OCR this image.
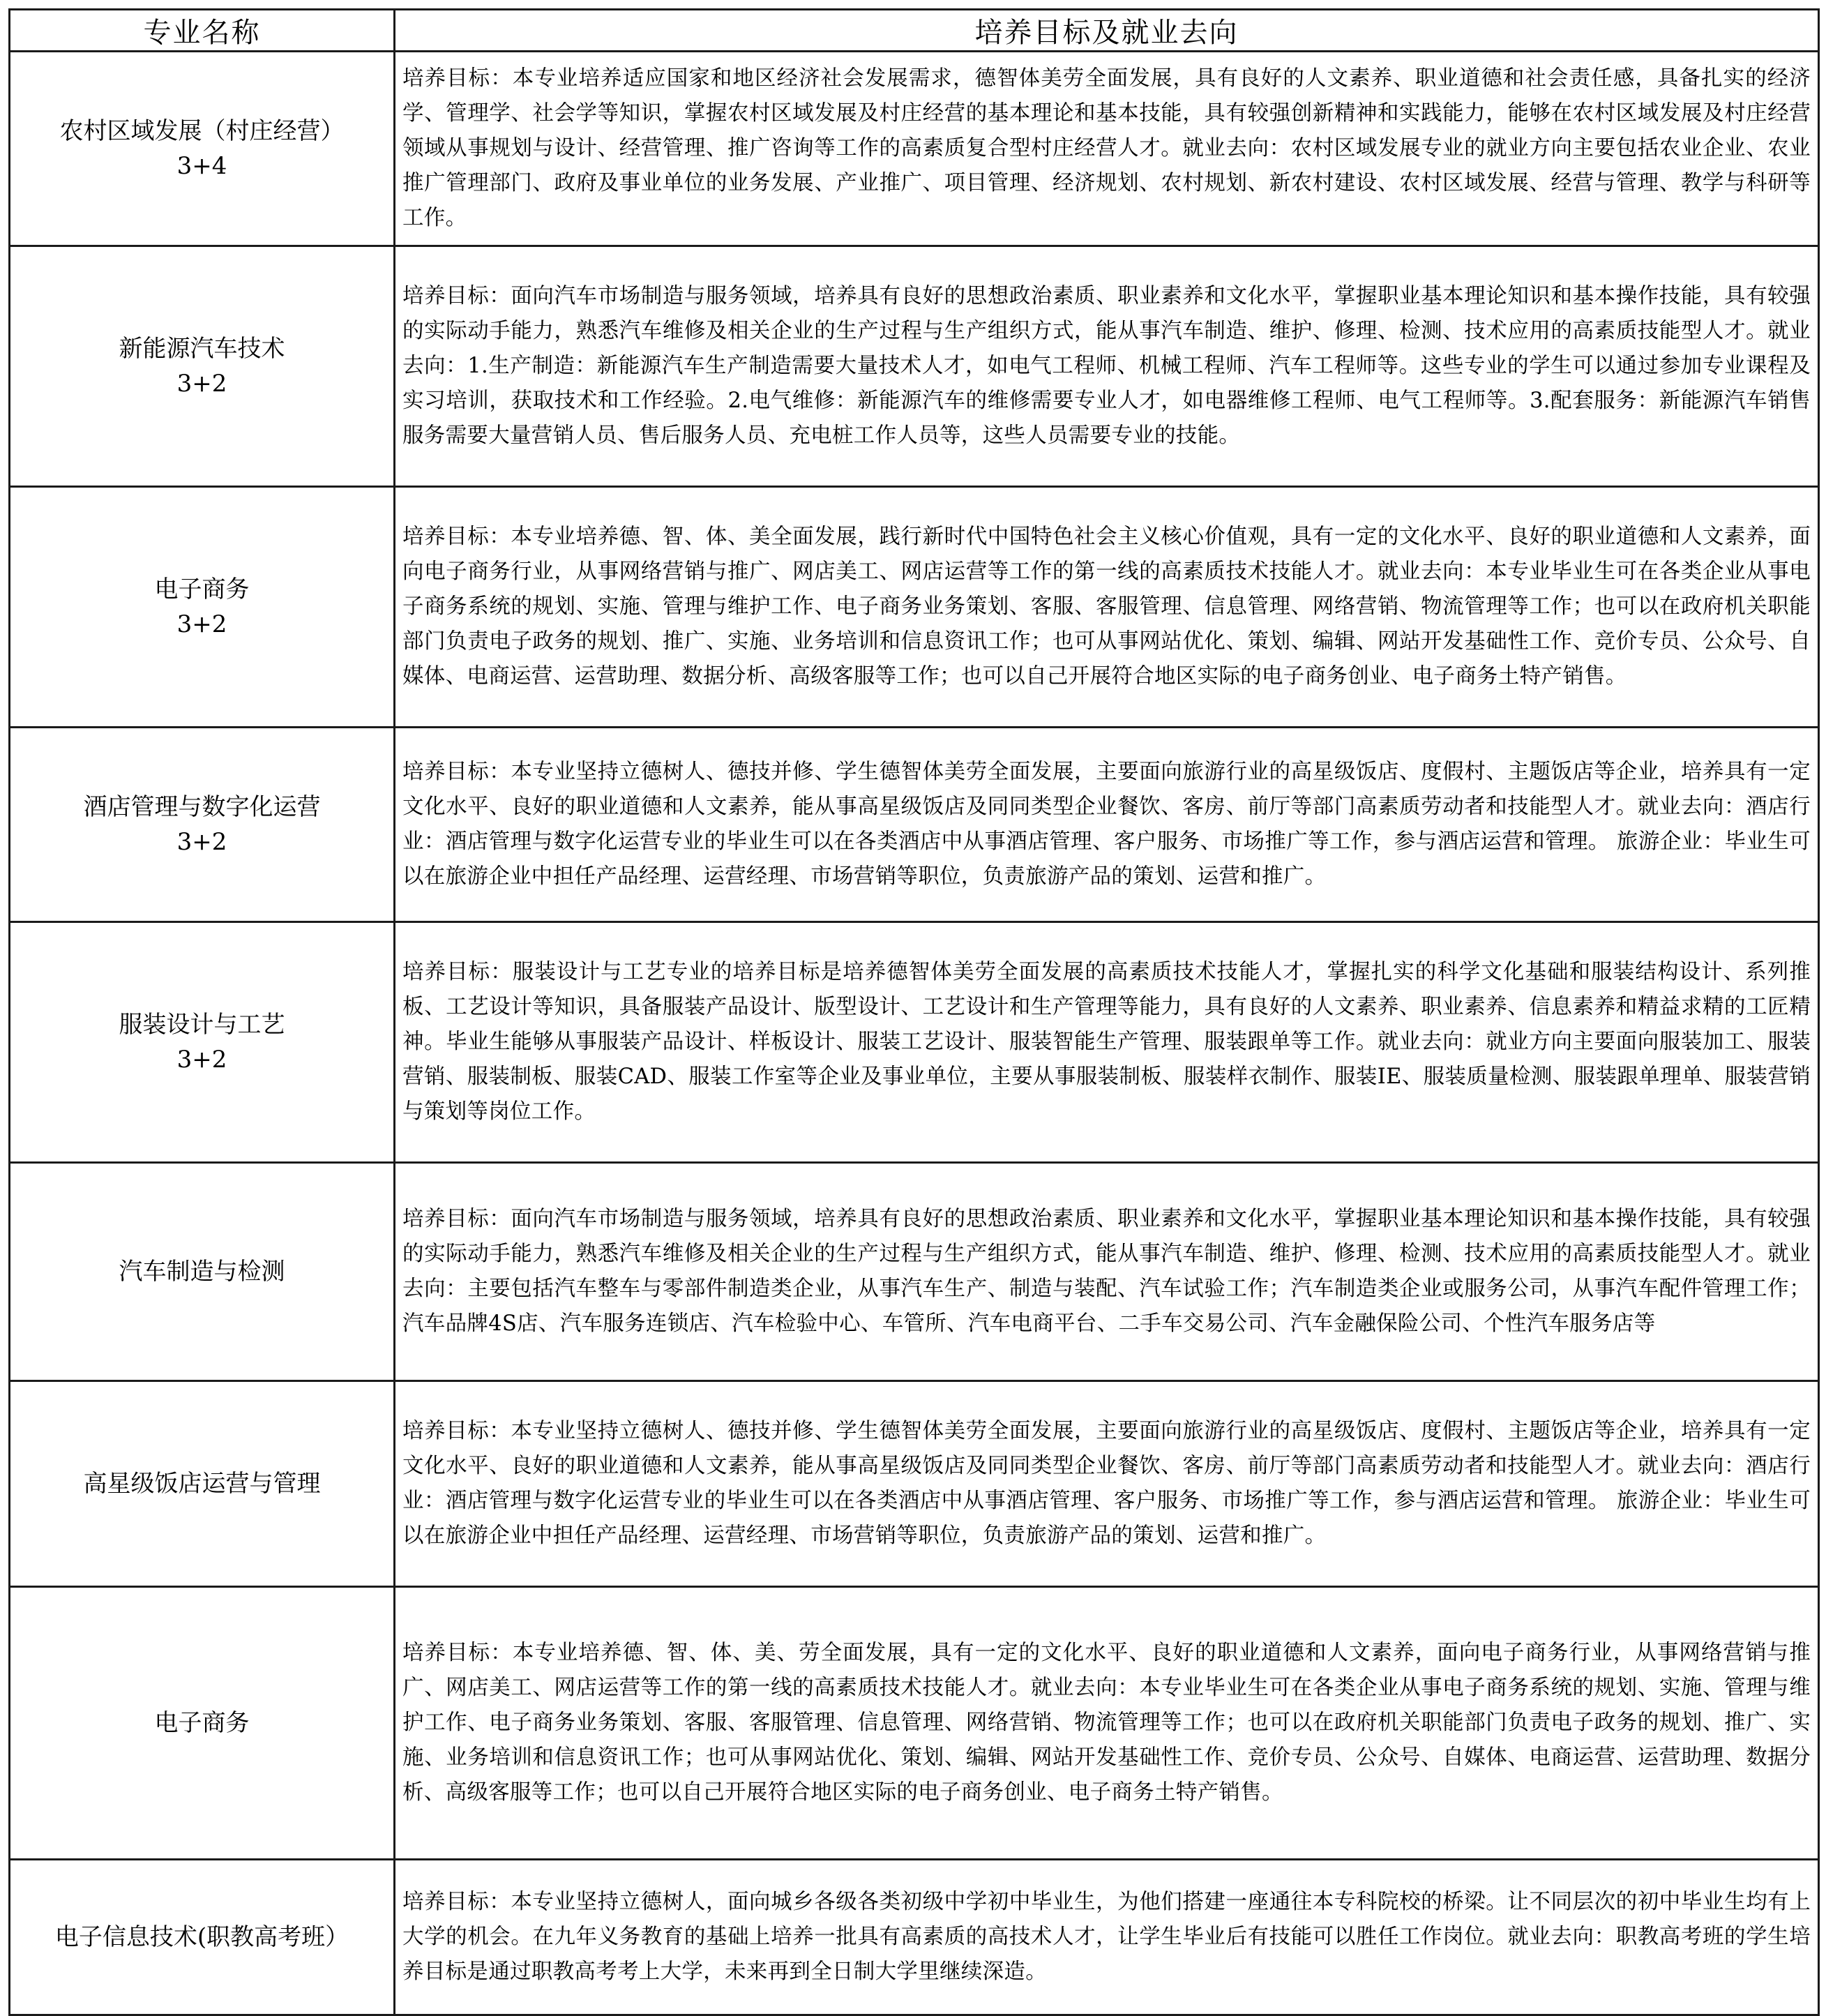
专业名称	培养目标及就业去向

农村区域发展（村庄经营）
3+4	培养目标：本专业培养适应国家和地区经济社会发展需求，德智体美劳全面发展，具有良好的人文素养、职业道德和社会责任感，具备扎实的经济学、管理学、社会学等知识，掌握农村区域发展及村庄经营的基本理论和基本技能，具有较强创新精神和实践能力，能够在农村区域发展及村庄经营领域从事规划与设计、经营管理、推广咨询等工作的高素质复合型村庄经营人才。就业去向：农村区域发展专业的就业方向主要包括农业企业、农业推广管理部门、政府及事业单位的业务发展、产业推广、项目管理、经济规划、农村规划、新农村建设、农村区域发展、经营与管理、教学与科研等工作。

新能源汽车技术
3+2	培养目标：面向汽车市场制造与服务领域，培养具有良好的思想政治素质、职业素养和文化水平，掌握职业基本理论知识和基本操作技能，具有较强的实际动手能力，熟悉汽车维修及相关企业的生产过程与生产组织方式，能从事汽车制造、维护、修理、检测、技术应用的高素质技能型人才。就业去向：1.生产制造：新能源汽车生产制造需要大量技术人才，如电气工程师、机械工程师、汽车工程师等。这些专业的学生可以通过参加专业课程及实习培训，获取技术和工作经验。2.电气维修：新能源汽车的维修需要专业人才，如电器维修工程师、电气工程师等。3.配套服务：新能源汽车销售服务需要大量营销人员、售后服务人员、充电桩工作人员等，这些人员需要专业的技能。

电子商务
3+2	培养目标：本专业培养德、智、体、美全面发展，践行新时代中国特色社会主义核心价值观，具有一定的文化水平、良好的职业道德和人文素养，面向电子商务行业，从事网络营销与推广、网店美工、网店运营等工作的第一线的高素质技术技能人才。就业去向：本专业毕业生可在各类企业从事电子商务系统的规划、实施、管理与维护工作、电子商务业务策划、客服、客服管理、信息管理、网络营销、物流管理等工作；也可以在政府机关职能部门负责电子政务的规划、推广、实施、业务培训和信息资讯工作；也可从事网站优化、策划、编辑、网站开发基础性工作、竞价专员、公众号、自媒体、电商运营、运营助理、数据分析、高级客服等工作；也可以自己开展符合地区实际的电子商务创业、电子商务土特产销售。

酒店管理与数字化运营
3+2	培养目标：本专业坚持立德树人、德技并修、学生德智体美劳全面发展，主要面向旅游行业的高星级饭店、度假村、主题饭店等企业，培养具有一定文化水平、良好的职业道德和人文素养，能从事高星级饭店及同同类型企业餐饮、客房、前厅等部门高素质劳动者和技能型人才。就业去向：酒店行业：酒店管理与数字化运营专业的毕业生可以在各类酒店中从事酒店管理、客户服务、市场推广等工作，参与酒店运营和管理。 旅游企业：毕业生可以在旅游企业中担任产品经理、运营经理、市场营销等职位，负责旅游产品的策划、运营和推广。

服装设计与工艺
3+2	培养目标：服装设计与工艺专业的培养目标是培养德智体美劳全面发展的高素质技术技能人才，掌握扎实的科学文化基础和服装结构设计、系列推板、工艺设计等知识，具备服装产品设计、版型设计、工艺设计和生产管理等能力，具有良好的人文素养、职业素养、信息素养和精益求精的工匠精神。毕业生能够从事服装产品设计、样板设计、服装工艺设计、服装智能生产管理、服装跟单等工作。就业去向：就业方向主要面向服装加工、服装营销、服装制板、服装CAD、服装工作室等企业及事业单位，主要从事服装制板、服装样衣制作、服装IE、服装质量检测、服装跟单理单、服装营销与策划等岗位工作。

汽车制造与检测	培养目标：面向汽车市场制造与服务领域，培养具有良好的思想政治素质、职业素养和文化水平，掌握职业基本理论知识和基本操作技能，具有较强的实际动手能力，熟悉汽车维修及相关企业的生产过程与生产组织方式，能从事汽车制造、维护、修理、检测、技术应用的高素质技能型人才。就业去向：主要包括汽车整车与零部件制造类企业，从事汽车生产、制造与装配、汽车试验工作；汽车制造类企业或服务公司，从事汽车配件管理工作；汽车品牌4S店、汽车服务连锁店、汽车检验中心、车管所、汽车电商平台、二手车交易公司、汽车金融保险公司、个性汽车服务店等

高星级饭店运营与管理	培养目标：本专业坚持立德树人、德技并修、学生德智体美劳全面发展，主要面向旅游行业的高星级饭店、度假村、主题饭店等企业，培养具有一定文化水平、良好的职业道德和人文素养，能从事高星级饭店及同同类型企业餐饮、客房、前厅等部门高素质劳动者和技能型人才。就业去向：酒店行业：酒店管理与数字化运营专业的毕业生可以在各类酒店中从事酒店管理、客户服务、市场推广等工作，参与酒店运营和管理。 旅游企业：毕业生可以在旅游企业中担任产品经理、运营经理、市场营销等职位，负责旅游产品的策划、运营和推广。

电子商务	培养目标：本专业培养德、智、体、美、劳全面发展，具有一定的文化水平、良好的职业道德和人文素养，面向电子商务行业，从事网络营销与推广、网店美工、网店运营等工作的第一线的高素质技术技能人才。就业去向：本专业毕业生可在各类企业从事电子商务系统的规划、实施、管理与维护工作、电子商务业务策划、客服、客服管理、信息管理、网络营销、物流管理等工作；也可以在政府机关职能部门负责电子政务的规划、推广、实施、业务培训和信息资讯工作；也可从事网站优化、策划、编辑、网站开发基础性工作、竞价专员、公众号、自媒体、电商运营、运营助理、数据分析、高级客服等工作；也可以自己开展符合地区实际的电子商务创业、电子商务土特产销售。

电子信息技术(职教高考班）	培养目标：本专业坚持立德树人，面向城乡各级各类初级中学初中毕业生，为他们搭建一座通往本专科院校的桥梁。让不同层次的初中毕业生均有上大学的机会。在九年义务教育的基础上培养一批具有高素质的高技术人才，让学生毕业后有技能可以胜任工作岗位。就业去向：职教高考班的学生培养目标是通过职教高考考上大学，未来再到全日制大学里继续深造。
